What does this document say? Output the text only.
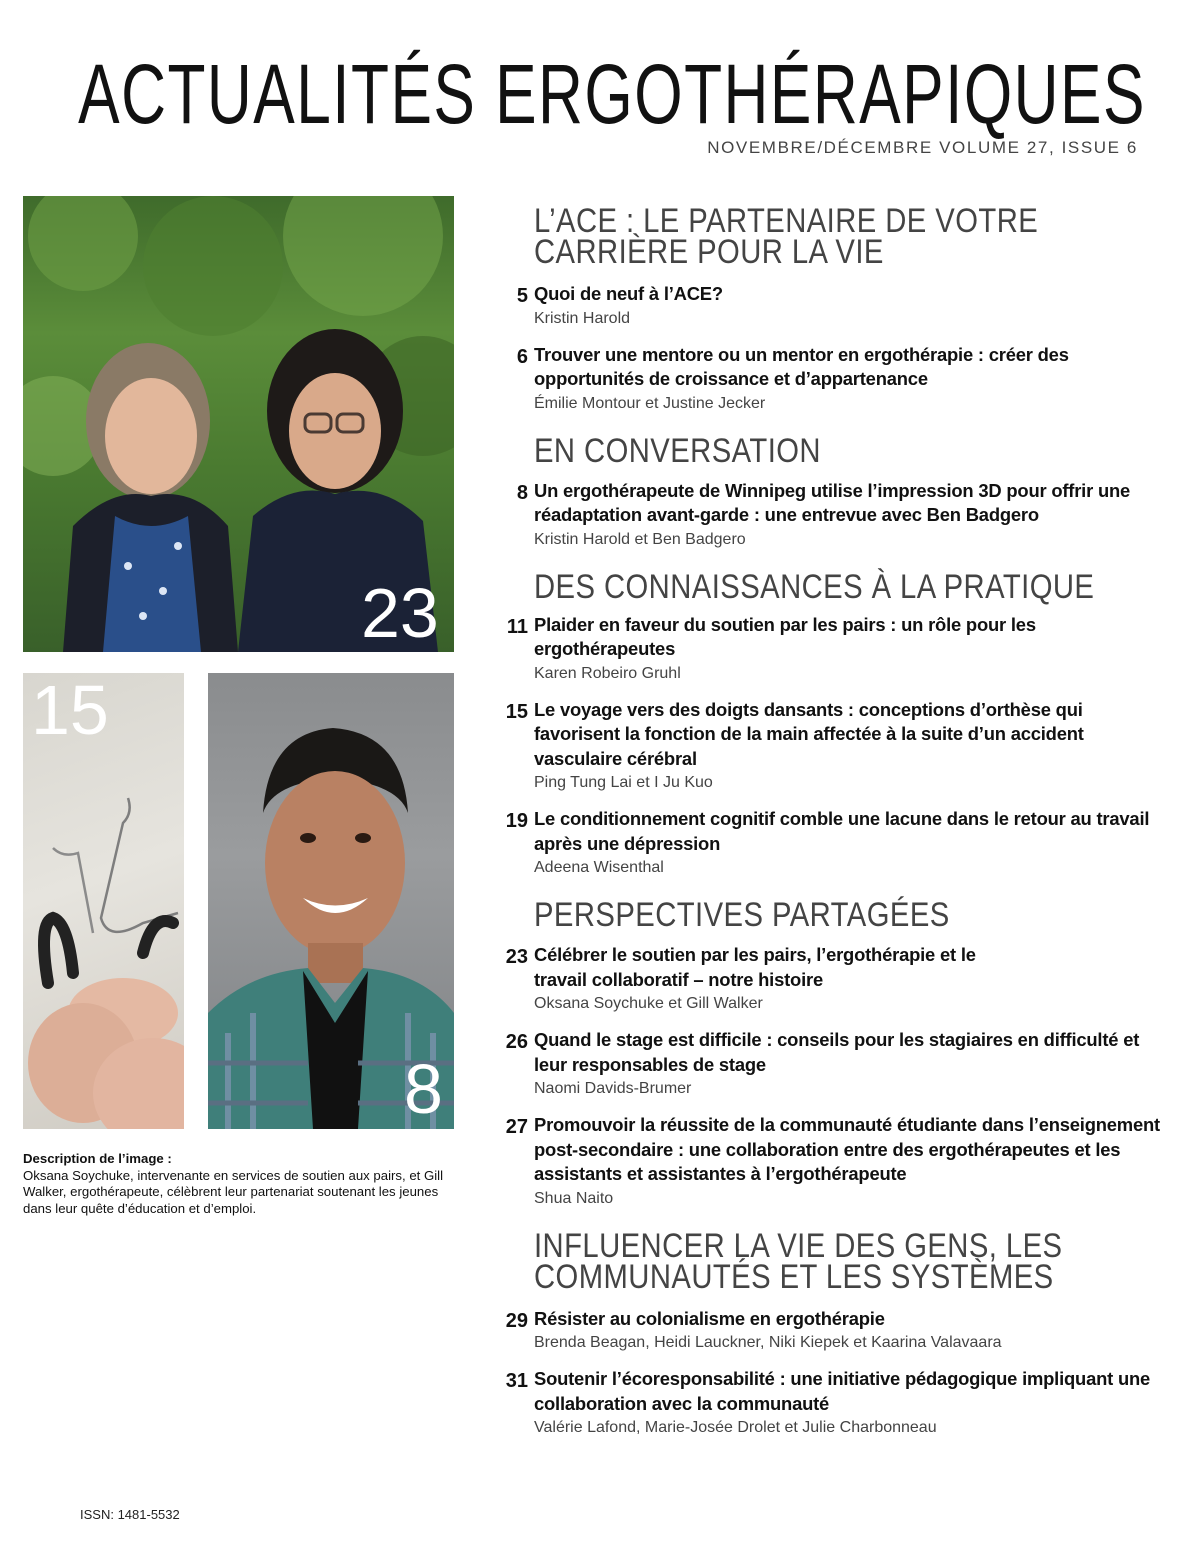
ACTUALITÉS ERGOTHÉRAPIQUES
NOVEMBRE/DÉCEMBRE VOLUME 27, ISSUE 6
23
15
8
Description de l’image :
Oksana Soychuke, intervenante en services de soutien aux pairs, et Gill Walker, ergothérapeute, célèbrent leur partenariat soutenant les jeunes dans leur quête d’éducation et d’emploi.
ISSN: 1481-5532
L’ACE : LE PARTENAIRE DE VOTRE CARRIÈRE POUR LA VIE
5 Quoi de neuf à l’ACE?
Kristin Harold
6 Trouver une mentore ou un mentor en ergothérapie : créer des opportunités de croissance et d’appartenance
Émilie Montour et Justine Jecker
EN CONVERSATION
8 Un ergothérapeute de Winnipeg utilise l’impression 3D pour offrir une réadaptation avant-garde : une entrevue avec Ben Badgero
Kristin Harold et Ben Badgero
DES CONNAISSANCES À LA PRATIQUE
11 Plaider en faveur du soutien par les pairs : un rôle pour les ergothérapeutes
Karen Robeiro Gruhl
15 Le voyage vers des doigts dansants : conceptions d’orthèse qui favorisent la fonction de la main affectée à la suite d’un accident vasculaire cérébral
Ping Tung Lai et I Ju Kuo
19 Le conditionnement cognitif comble une lacune dans le retour au travail après une dépression
Adeena Wisenthal
PERSPECTIVES PARTAGÉES
23 Célébrer le soutien par les pairs, l’ergothérapie et le travail collaboratif – notre histoire
Oksana Soychuke et Gill Walker
26 Quand le stage est difficile : conseils pour les stagiaires en difficulté et leur responsables de stage
Naomi Davids-Brumer
27 Promouvoir la réussite de la communauté étudiante dans l’enseignement post-secondaire : une collaboration entre des ergothérapeutes et les assistants et assistantes à l’ergothérapeute
Shua Naito
INFLUENCER LA VIE DES GENS, LES COMMUNAUTÉS ET LES SYSTÈMES
29 Résister au colonialisme en ergothérapie
Brenda Beagan, Heidi Lauckner, Niki Kiepek et Kaarina Valavaara
31 Soutenir l’écoresponsabilité : une initiative pédagogique impliquant une collaboration avec la communauté
Valérie Lafond, Marie-Josée Drolet et Julie Charbonneau
